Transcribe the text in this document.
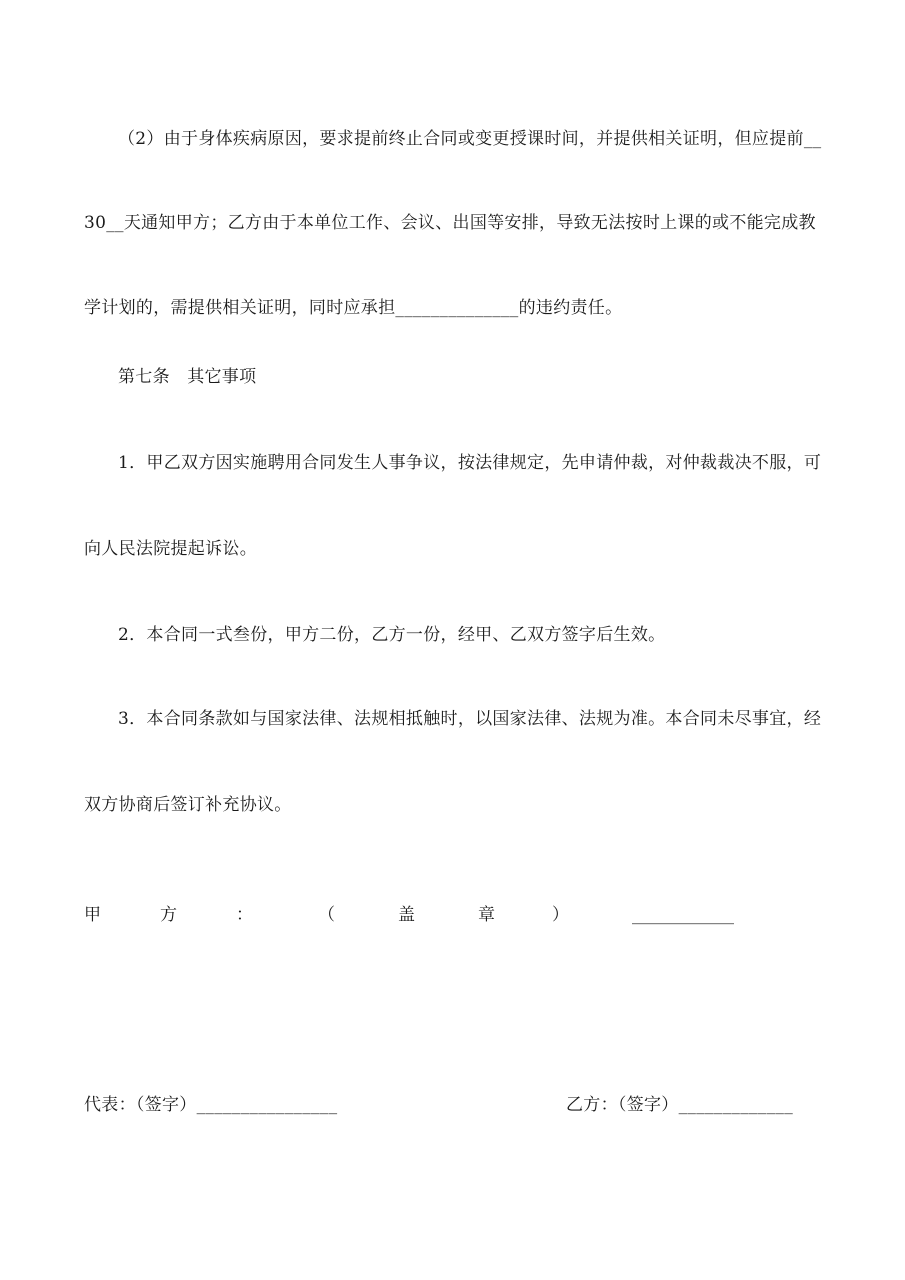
（2）由于身体疾病原因，要求提前终止合同或变更授课时间，并提供相关证明，但应提前__
30__天通知甲方；乙方由于本单位工作、会议、出国等安排，导致无法按时上课的或不能完成教
学计划的，需提供相关证明，同时应承担______________的违约责任。
第七条　其它事项
1．甲乙双方因实施聘用合同发生人事争议，按法律规定，先申请仲裁，对仲裁裁决不服，可
向人民法院提起诉讼。
2．本合同一式叁份，甲方二份，乙方一份，经甲、乙双方签字后生效。
3．本合同条款如与国家法律、法规相抵触时，以国家法律、法规为准。本合同未尽事宜，经
双方协商后签订补充协议。
甲	方	：	（	盖	章	）	____________
代表：（签字）________________	乙方：（签字）_____________
